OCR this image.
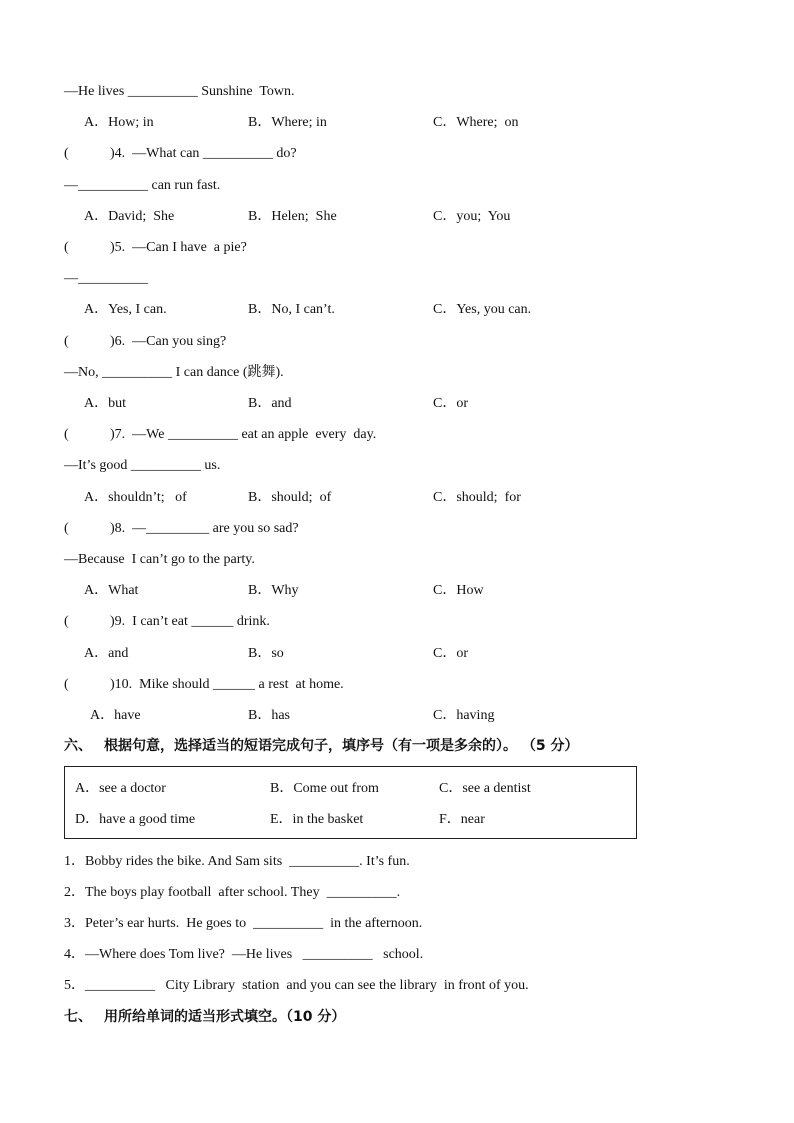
—He lives __________ Sunshine  Town.

A．How; in

	B．Where; in

	C．Where;  on

(	)4.  —What can __________ do?
—__________ can run fast.

A．David;  She

	B．Helen;  She

	C．you;  You

(	)5.  —Can I have  a pie?
—__________

A．Yes, I can.

	B．No, I can’t.

	C．Yes, you can.

(	)6.  —Can you sing?
—No, __________ I can dance (跳舞).

A．but

	B．and

	C．or

(	)7.  —We __________ eat an apple  every  day.
—It’s good __________ us.

A．shouldn’t;   of

	B．should;  of

	C．should;  for

(	)8.  —_________ are you so sad?
—Because  I can’t go to the party.

A．What

	B．Why

	C．How

(	)9.  I can’t eat ______ drink.

A．and

	B．so

	C．or

(	)10.  Mike should ______ a rest  at home.

A．have

	B．has

	C．having

六、 根据句意，选择适当的短语完成句子，填序号（有一项是多余的）。 （5 分）
A．see a doctor	B．Come out from	C．see a dentist
D．have a good time	E．in the basket	F．near
1．Bobby rides the bike. And Sam sits  __________. It’s fun.
2．The boys play football  after school. They  __________.
3．Peter’s ear hurts.  He goes to  __________  in the afternoon.
4．—Where does Tom live?  —He lives   __________   school.
5．__________   City Library  station  and you can see the library  in front of you.
七、 用所给单词的适当形式填空。（10 分）
